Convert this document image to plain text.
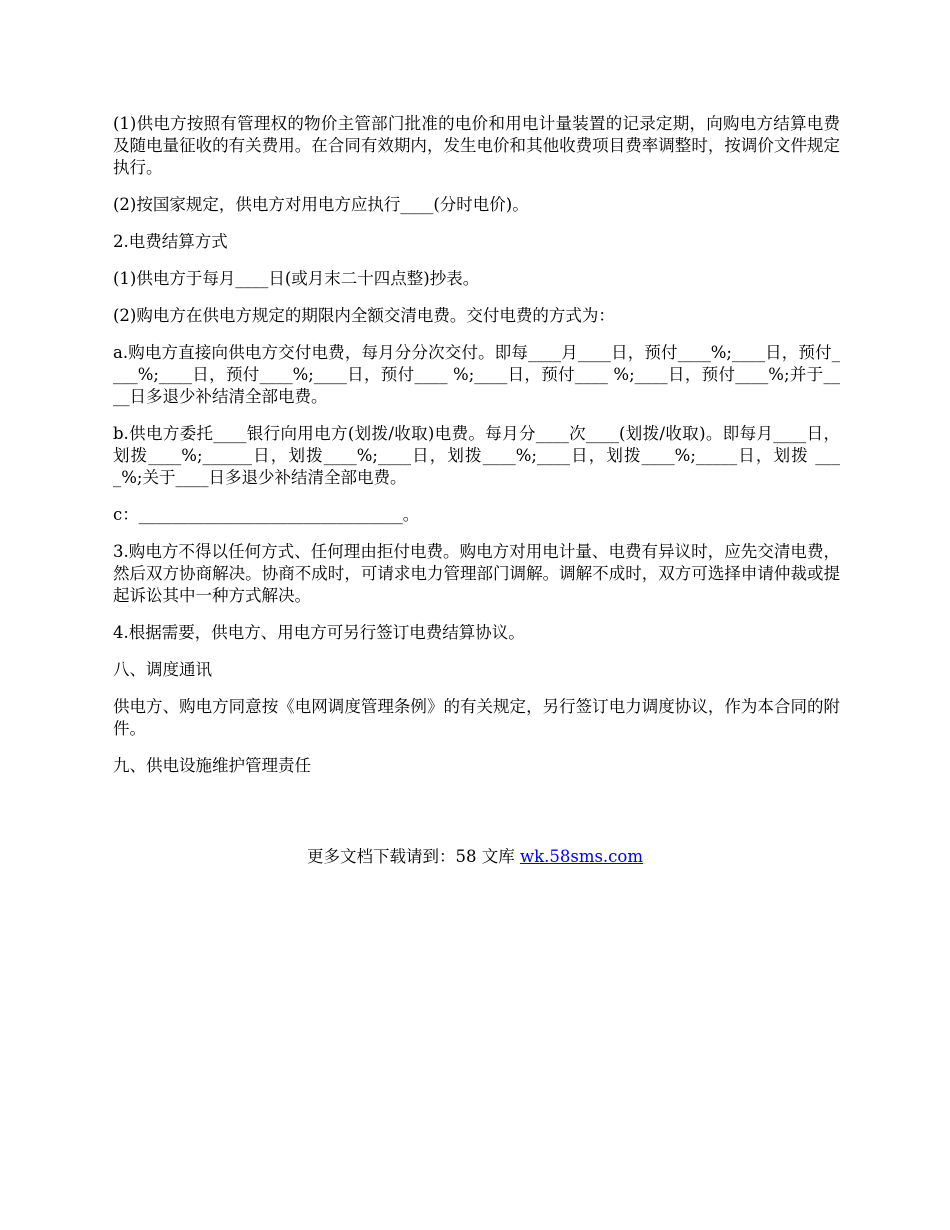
(1)供电方按照有管理权的物价主管部门批准的电价和用电计量装置的记录定期，向购电方结算电费及随电量征收的有关费用。在合同有效期内，发生电价和其他收费项目费率调整时，按调价文件规定执行。

(2)按国家规定，供电方对用电方应执行____(分时电价)。

2.电费结算方式

(1)供电方于每月____日(或月末二十四点整)抄表。

(2)购电方在供电方规定的期限内全额交清电费。交付电费的方式为：

a.购电方直接向供电方交付电费，每月分分次交付。即每____月____日，预付____%;____日，预付____%;____日，预付____%;____日，预付____ %;____日，预付____ %;____日，预付____%;并于____日多退少补结清全部电费。

b.供电方委托____银行向用电方(划拨/收取)电费。每月分____次____(划拨/收取)。即每月____日，划拨____%;______日，划拨____%;____日，划拨____%;____日，划拨____%;_____日，划拨 ____%;关于____日多退少补结清全部电费。

c：________________________________。

3.购电方不得以任何方式、任何理由拒付电费。购电方对用电计量、电费有异议时，应先交清电费，然后双方协商解决。协商不成时，可请求电力管理部门调解。调解不成时，双方可选择申请仲裁或提起诉讼其中一种方式解决。

4.根据需要，供电方、用电方可另行签订电费结算协议。

八、调度通讯

供电方、购电方同意按《电网调度管理条例》的有关规定，另行签订电力调度协议，作为本合同的附件。

九、供电设施维护管理责任

更多文档下载请到：58 文库 wk.58sms.com
